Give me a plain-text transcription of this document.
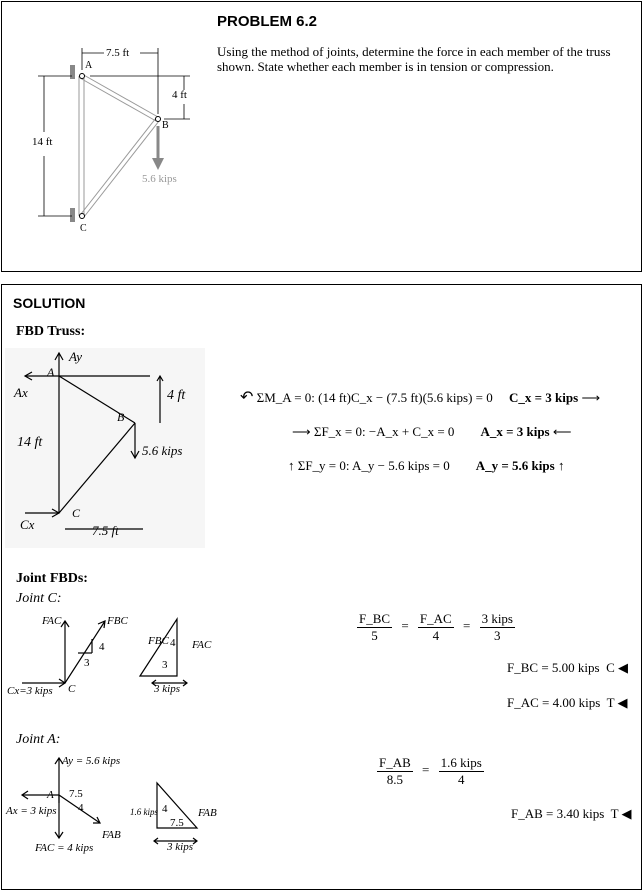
7.5 ft
4 ft
14 ft
A
B
C
5.6 kips
PROBLEM 6.2
Using the method of joints, determine the force in each member of the truss shown. State whether each member is in tension or compression.
SOLUTION
FBD Truss:
Ay
Ax
A
4 ft
B
14 ft
5.6 kips
C
Cx	7.5 ft
↶ ΣM_A = 0: (14 ft)C_x − (7.5 ft)(5.6 kips) = 0 C_x = 3 kips ⟶
⟶ ΣF_x = 0: −A_x + C_x = 0 A_x = 3 kips ⟵
↑ ΣF_y = 0: A_y − 5.6 kips = 0 A_y = 5.6 kips ↑
Joint FBDs:
Joint C:
FAC	FBC
4
3
Cx=3 kips C
FBC FAC
4
3
3 kips
$\frac{F\_BC}{5} = \frac{F\_AC}{4} = \frac{\text{3 kips}}{3}$
F_BC = 5.00 kips C ◀
F_AC = 4.00 kips T ◀
Joint A:
Ay = 5.6 kips
Ax = 3 kips
A 7.5
4
FAB
FAC = 4 kips
1.6 kips 4
7.5
FAB
3 kips
$\frac{F\_AB}{8.5} = \frac{\text{1.6 kips}}{4}$
F_AB = 3.40 kips T ◀
